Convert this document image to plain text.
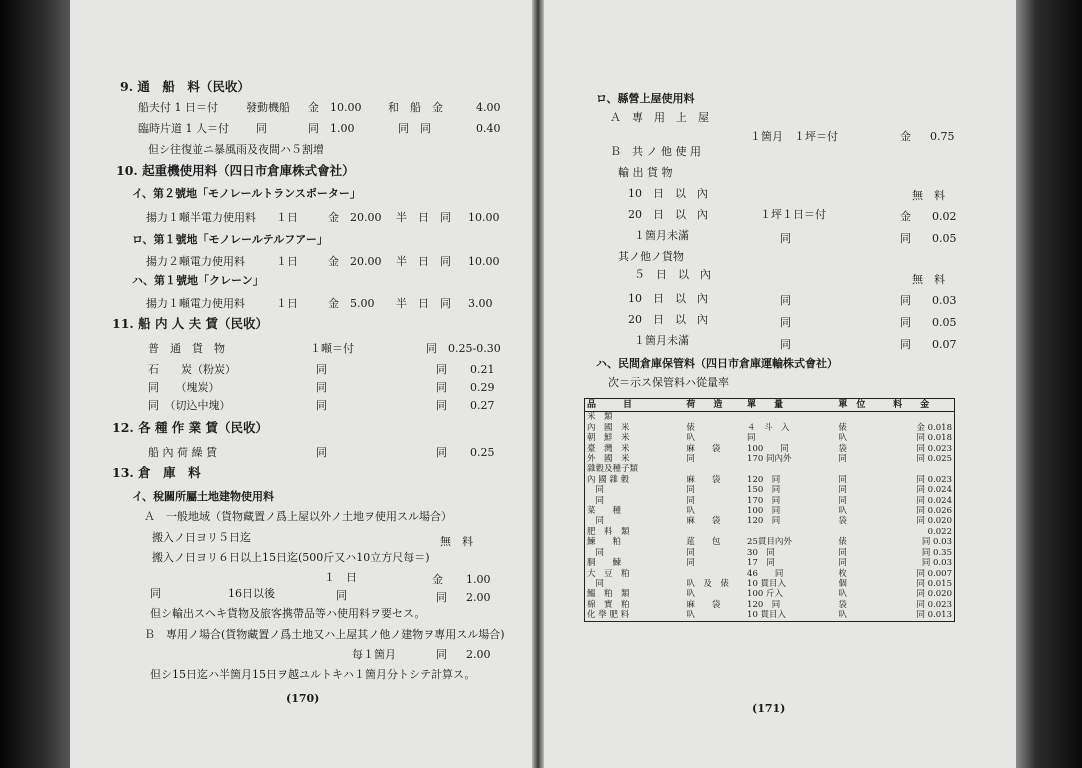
9. 通　船　料（民收）
船夫付 1 日＝付	發動機船 金　10.00 和　船　金	4.00
臨時片道 1 人＝付 同	同　1.00	同　同	0.40
但シ往復並ニ暴風雨及夜間ハ５割增
10. 起重機使用料（四日市倉庫株式會社）
イ、第２號地「モノレールトランスポーター」
揚力１噸半電力使用料 １日	金　20.00 半　日　同 10.00
ロ、第１號地「モノレールテルフアー」
揚力２噸電力使用料	１日	金　20.00 半　日　同 10.00
ハ、第１號地「クレーン」
揚力１噸電力使用料	１日	金　5.00 半　日　同 3.00
11. 船 内 人 夫 賃（民收）
普　通　貨　物	１噸＝付	同 0.25-0.30
石　　炭（粉炭）	同	同 0.21
同　　（塊炭）	同	同 0.29
同　（切込中塊）	同	同 0.27
12. 各 種 作 業 賃（民收）
船 內 荷 繰 賃	同	同 0.25
13. 倉　庫　料
イ、稅關所屬土地建物使用料
Ａ　一般地域（貨物藏置ノ爲上屋以外ノ土地ヲ使用スル場合）
搬入ノ日ヨリ５日迄	無　料
搬入ノ日ヨリ６日以上15日迄(500斤又ハ10立方尺每＝)
１　日	金 1.00
同	16日以後	同	同 2.00
但シ輸出スヘキ貨物及旅客携帶品等ハ使用料ヲ要セス。
Ｂ　專用ノ場合(貨物藏置ノ爲土地又ハ上屋其ノ他ノ建物ヲ專用スル場合)
每１箇月	同 2.00
但シ15日迄ハ半箇月15日ヲ越ユルトキハ１箇月分トシテ計算ス。
(170)
ロ、縣營上屋使用料
Ａ　專　用　上　屋
１箇月　１坪＝付	金 0.75
Ｂ　共 ノ 他 使 用
輸 出 貨 物
10　日　以　內	無　料
20　日　以　內	１坪１日＝付	金 0.02
１箇月未滿	同	同 0.05
其ノ他ノ貨物
５　日　以　內	無　料
10　日　以　內	同	同 0.03
20　日　以　內	同	同 0.05
１箇月未滿	同	同 0.07
ハ、民間倉庫保管料（四日市倉庫運輸株式會社）
次＝示ス保管料ハ從量率
品　　　目	荷　　造	單　　量	單　位	料　　金
米　類				
內　國　米	俵	４　斗　入	俵	金 0.018
朝　鮮　米	叺	同	叺	同 0.018
臺　灣　米	麻　　袋	100　　同	袋	同 0.023
外　國　米	同	170 同內外	同	同 0.025
雜穀及種子類				
內 國 雜 穀	麻　　袋	120　同	同	同 0.023
　同	同	150　同	同	同 0.024
　同	同	170　同	同	同 0.024
菜　　種	叺	100　同	叺	同 0.026
　同	麻　　袋	120　同	袋	同 0.020
肥　料　類				0.022
鰊　　粕	莚　　包	25貫目內外	俵	同 0.03
　同	同	30　同	同	同 0.35
胴　　鰊	同	17　同	同	同 0.03
大　豆　粕		46　　同	枚	同 0.007
　同	叺　及　俵	10 貫目入	個	同 0.015
鰮　粕　類	叺	100 斤入	叺	同 0.020
棉　實　粕	麻　　袋	120　同	袋	同 0.023
化 學 肥 料	叺	10 貫目入	叺	同 0.013
(171)
